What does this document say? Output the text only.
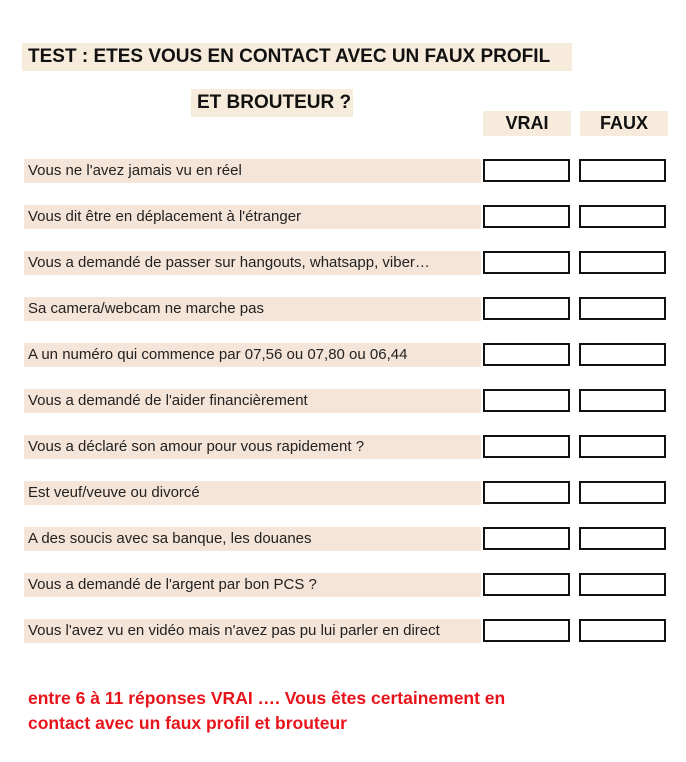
TEST : ETES VOUS EN CONTACT AVEC UN FAUX PROFIL
ET BROUTEUR ?
VRAI	FAUX
Vous ne l'avez jamais vu en réel
Vous dit être en déplacement à l'étranger
Vous a demandé de passer sur hangouts, whatsapp, viber…
Sa camera/webcam ne marche pas
A un numéro qui commence par 07,56 ou 07,80 ou 06,44
Vous a demandé de l'aider financièrement
Vous a déclaré son amour pour vous rapidement ?
Est veuf/veuve ou divorcé
A des soucis avec sa banque, les douanes
Vous a demandé de l'argent par bon PCS ?
Vous l'avez vu en vidéo mais n'avez pas pu lui parler en direct
entre 6 à 11 réponses VRAI …. Vous êtes certainement en
contact avec un faux profil et brouteur
